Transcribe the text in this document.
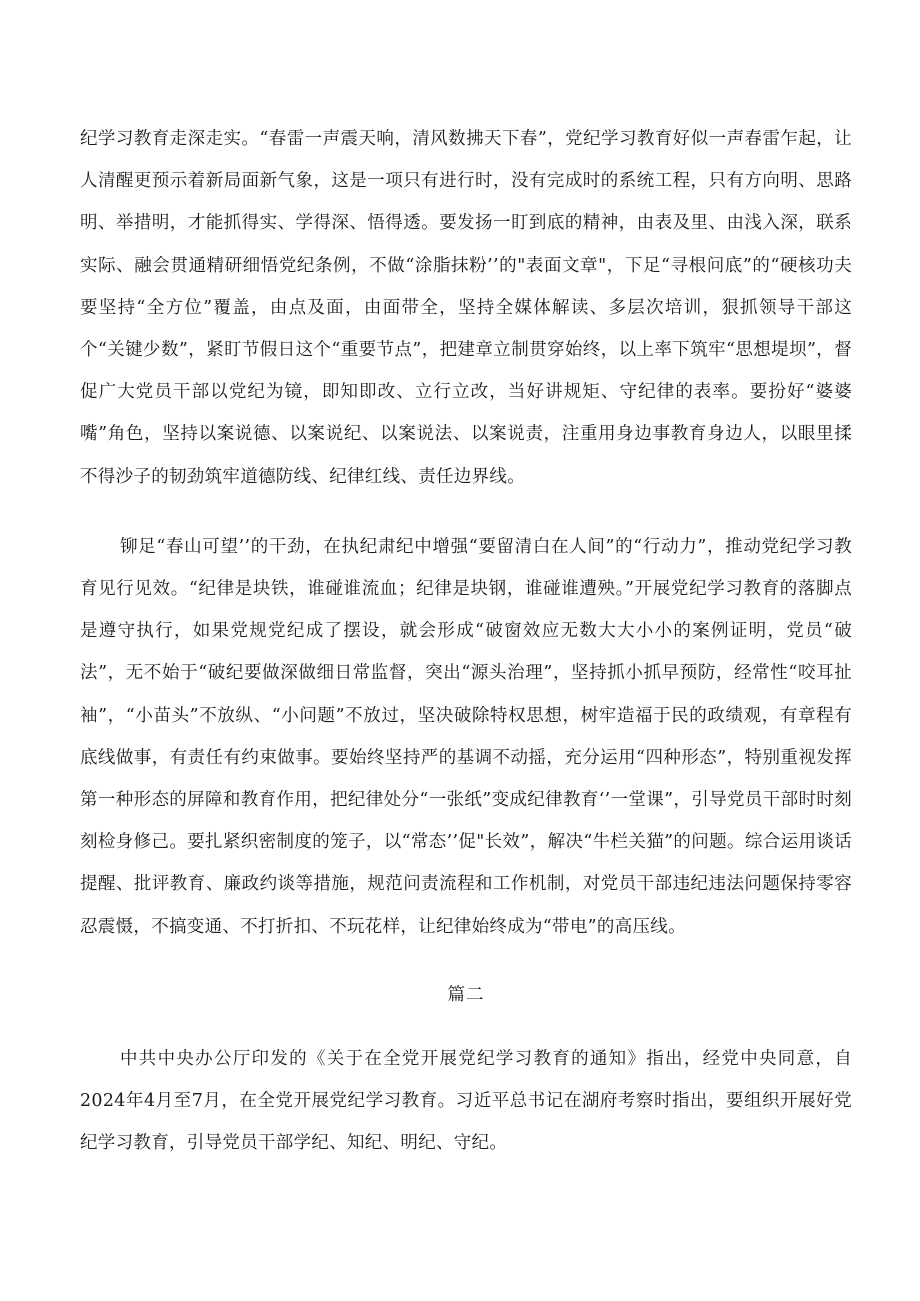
纪学习教育走深走实。“春雷一声震天响，清风数拂天下春”，党纪学习教育好似一声春雷乍起，让人清醒更预示着新局面新气象，这是一项只有进行时，没有完成时的系统工程，只有方向明、思路明、举措明，才能抓得实、学得深、悟得透。要发扬一盯到底的精神，由表及里、由浅入深，联系实际、融会贯通精研细悟党纪条例，不做“涂脂抹粉’’的"表面文章"，下足“寻根问底”的“硬核功夫要坚持“全方位”覆盖，由点及面，由面带全，坚持全媒体解读、多层次培训，狠抓领导干部这个“关键少数”，紧盯节假日这个“重要节点”，把建章立制贯穿始终，以上率下筑牢“思想堤坝”，督促广大党员干部以党纪为镜，即知即改、立行立改，当好讲规矩、守纪律的表率。要扮好“婆婆嘴”角色，坚持以案说德、以案说纪、以案说法、以案说责，注重用身边事教育身边人，以眼里揉不得沙子的韧劲筑牢道德防线、纪律红线、责任边界线。

铆足“春山可望’’的干劲，在执纪肃纪中增强“要留清白在人间”的“行动力”，推动党纪学习教育见行见效。“纪律是块铁，谁碰谁流血；纪律是块钢，谁碰谁遭殃。”开展党纪学习教育的落脚点是遵守执行，如果党规党纪成了摆设，就会形成“破窗效应无数大大小小的案例证明，党员“破法”，无不始于“破纪要做深做细日常监督，突出“源头治理”，坚持抓小抓早预防，经常性“咬耳扯袖”，“小苗头”不放纵、“小问题”不放过，坚决破除特权思想，树牢造福于民的政绩观，有章程有底线做事，有责任有约束做事。要始终坚持严的基调不动摇，充分运用“四种形态”，特别重视发挥第一种形态的屏障和教育作用，把纪律处分“一张纸”变成纪律教育‘’一堂课”，引导党员干部时时刻刻检身修己。要扎紧织密制度的笼子，以“常态’’促"长效”，解决“牛栏关猫”的问题。综合运用谈话提醒、批评教育、廉政约谈等措施，规范问责流程和工作机制，对党员干部违纪违法问题保持零容忍震慑，不搞变通、不打折扣、不玩花样，让纪律始终成为“带电”的高压线。

篇二

中共中央办公厅印发的《关于在全党开展党纪学习教育的通知》指出，经党中央同意，自2024年4月至7月，在全党开展党纪学习教育。习近平总书记在湖府考察时指出，要组织开展好党纪学习教育，引导党员干部学纪、知纪、明纪、守纪。
